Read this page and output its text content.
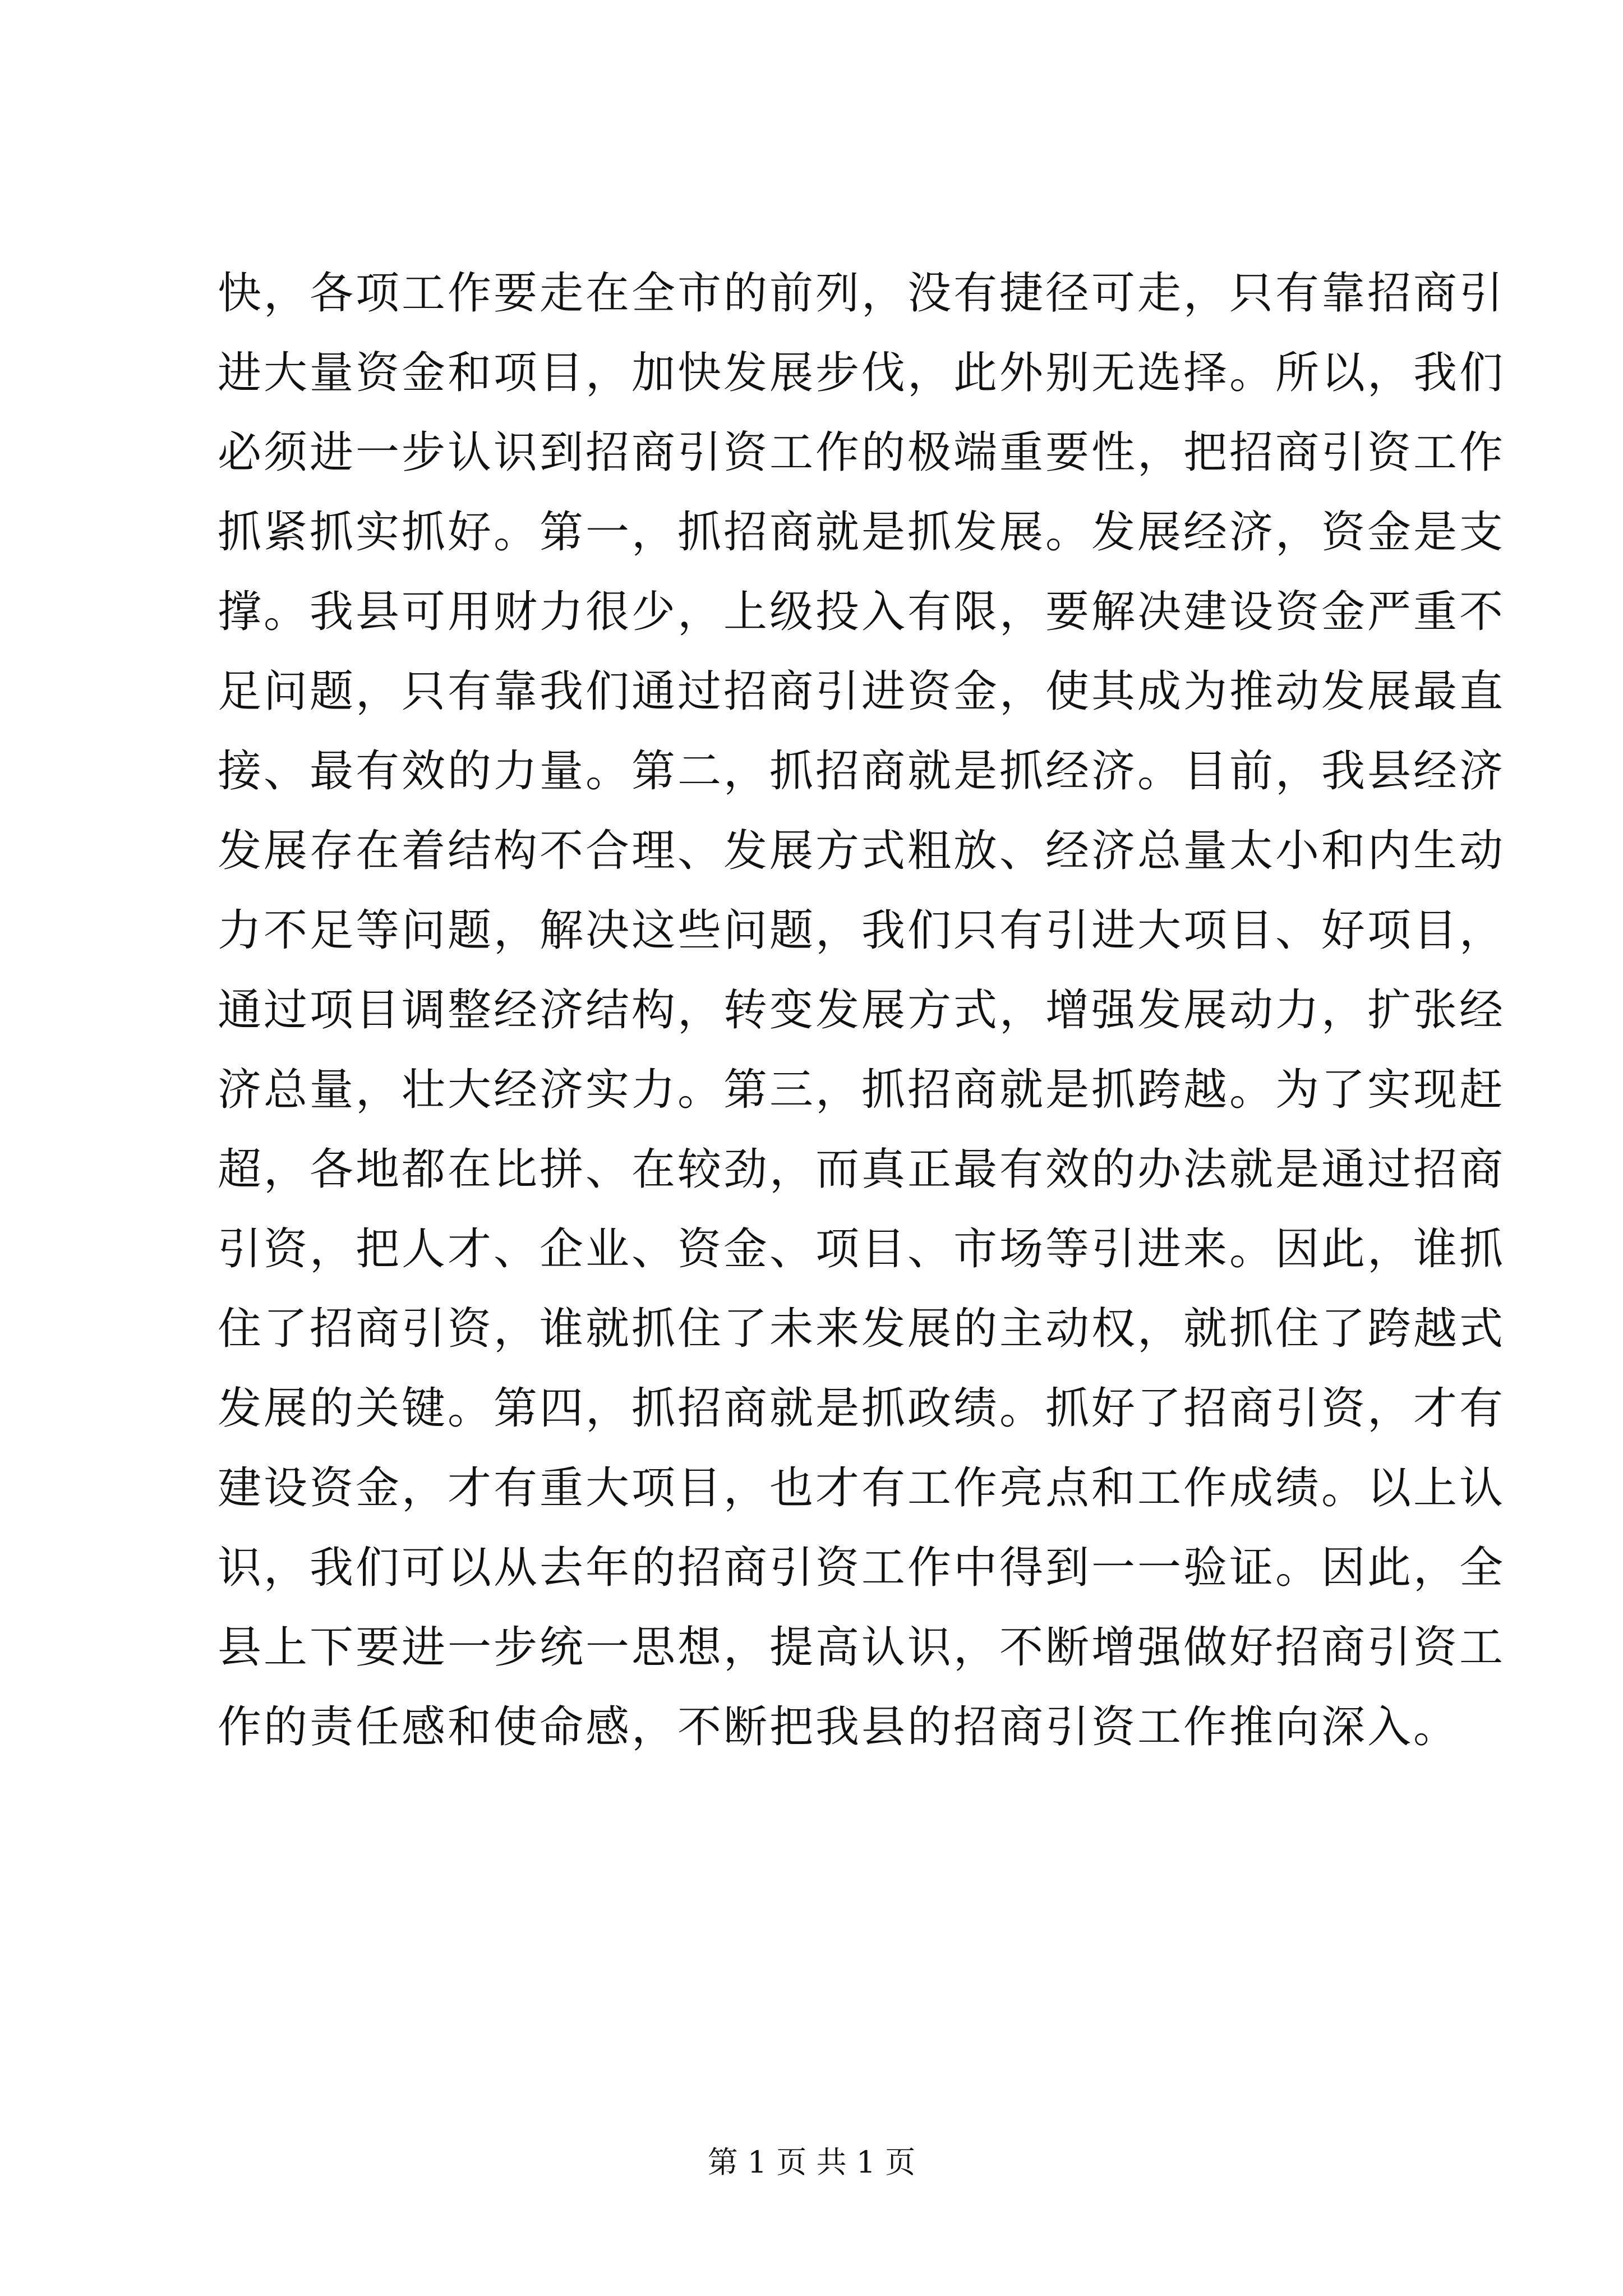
快，各项工作要走在全市的前列，没有捷径可走，只有靠招商引
进大量资金和项目，加快发展步伐，此外别无选择。所以，我们
必须进一步认识到招商引资工作的极端重要性，把招商引资工作
抓紧抓实抓好。第一，抓招商就是抓发展。发展经济，资金是支
撑。我县可用财力很少，上级投入有限，要解决建设资金严重不
足问题，只有靠我们通过招商引进资金，使其成为推动发展最直
接、最有效的力量。第二，抓招商就是抓经济。目前，我县经济
发展存在着结构不合理、发展方式粗放、经济总量太小和内生动
力不足等问题，解决这些问题，我们只有引进大项目、好项目，
通过项目调整经济结构，转变发展方式，增强发展动力，扩张经
济总量，壮大经济实力。第三，抓招商就是抓跨越。为了实现赶
超，各地都在比拼、在较劲，而真正最有效的办法就是通过招商
引资，把人才、企业、资金、项目、市场等引进来。因此，谁抓
住了招商引资，谁就抓住了未来发展的主动权，就抓住了跨越式
发展的关键。第四，抓招商就是抓政绩。抓好了招商引资，才有
建设资金，才有重大项目，也才有工作亮点和工作成绩。以上认
识，我们可以从去年的招商引资工作中得到一一验证。因此，全
县上下要进一步统一思想，提高认识，不断增强做好招商引资工
作的责任感和使命感，不断把我县的招商引资工作推向深入。
第 1 页 共 1 页
